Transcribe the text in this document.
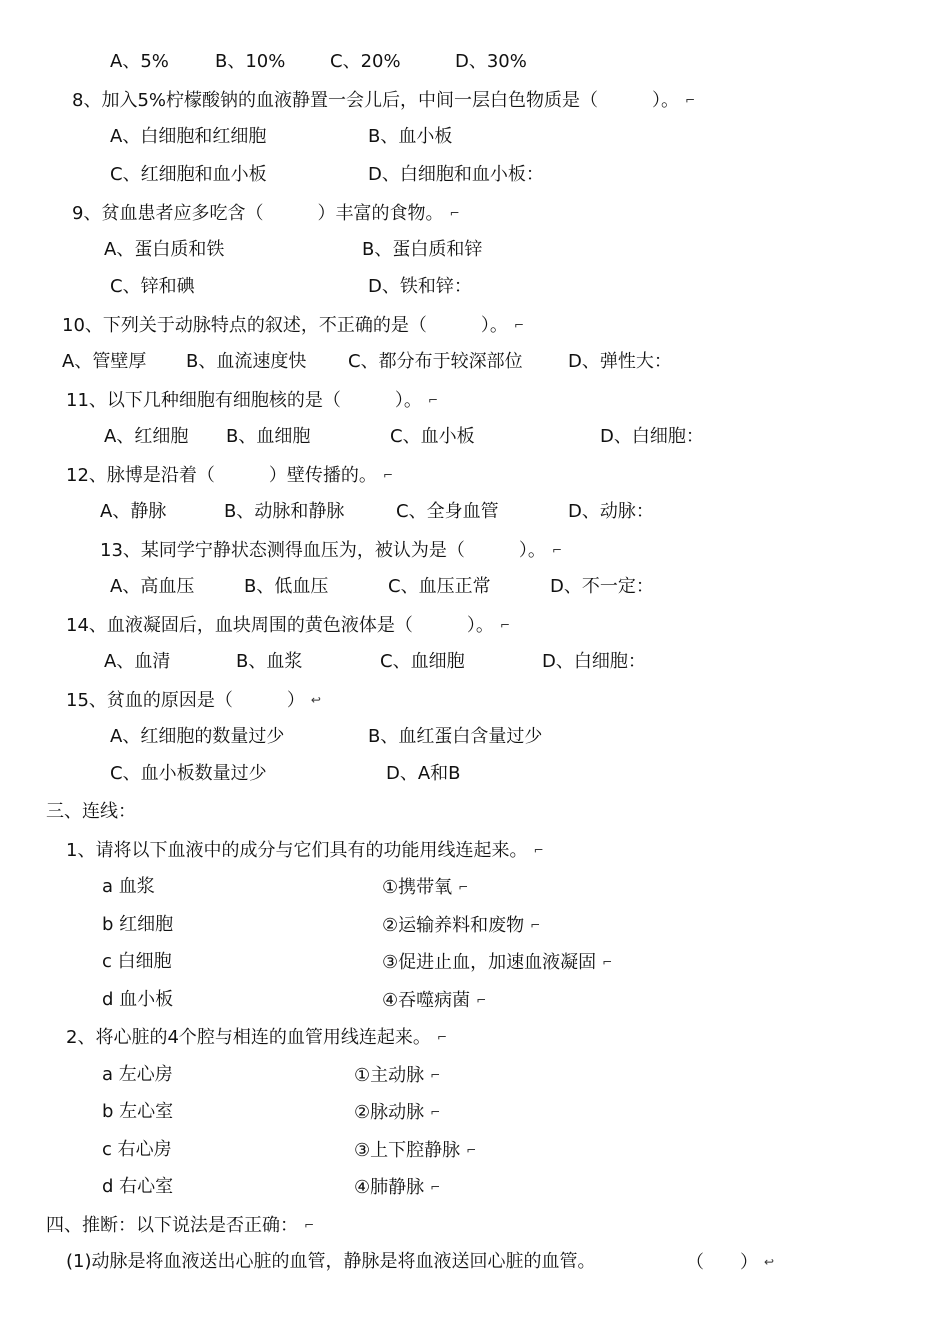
A、5%	B、10% C、20%	D、30%
8、加入5%柠檬酸钠的血液静置一会儿后，中间一层白色物质是（　　　）。 ⌐
A、白细胞和红细胞	B、血小板
C、红细胞和血小板	D、白细胞和血小板：
9、贫血患者应多吃含（　　　）丰富的食物。 ⌐
A、蛋白质和铁	B、蛋白质和锌
C、锌和碘	D、铁和锌：
10、下列关于动脉特点的叙述，不正确的是（　　　）。 ⌐
A、管壁厚 B、血流速度快 C、都分布于较深部位	D、弹性大：
11、以下几种细胞有细胞核的是（　　　）。 ⌐
A、红细胞 B、血细胞	C、血小板	D、白细胞：
12、脉博是沿着（　　　）壁传播的。 ⌐
A、静脉	B、动脉和静脉	C、全身血管	D、动脉：
13、某同学宁静状态测得血压为，被认为是（　　　）。 ⌐
A、高血压	B、低血压	C、血压正常	D、不一定：
14、血液凝固后，血块周围的黄色液体是（　　　）。 ⌐
A、血清	B、血浆	C、血细胞	D、白细胞：
15、贫血的原因是（　　　） ↩
A、红细胞的数量过少	B、血红蛋白含量过少
C、血小板数量过少	D、A和B
三、连线：
1、请将以下血液中的成分与它们具有的功能用线连起来。 ⌐
a 血浆	①携带氧 ⌐
b 红细胞	②运输养料和废物 ⌐
c 白细胞	③促进止血，加速血液凝固 ⌐
d 血小板	④吞噬病菌 ⌐
2、将心脏的4个腔与相连的血管用线连起来。 ⌐
a 左心房	①主动脉 ⌐
b 左心室	②脉动脉 ⌐
c 右心房	③上下腔静脉 ⌐
d 右心室	④肺静脉 ⌐
四、推断：以下说法是否正确： ⌐
(1)动脉是将血液送出心脏的血管，静脉是将血液送回心脏的血管。	（　　） ↩
